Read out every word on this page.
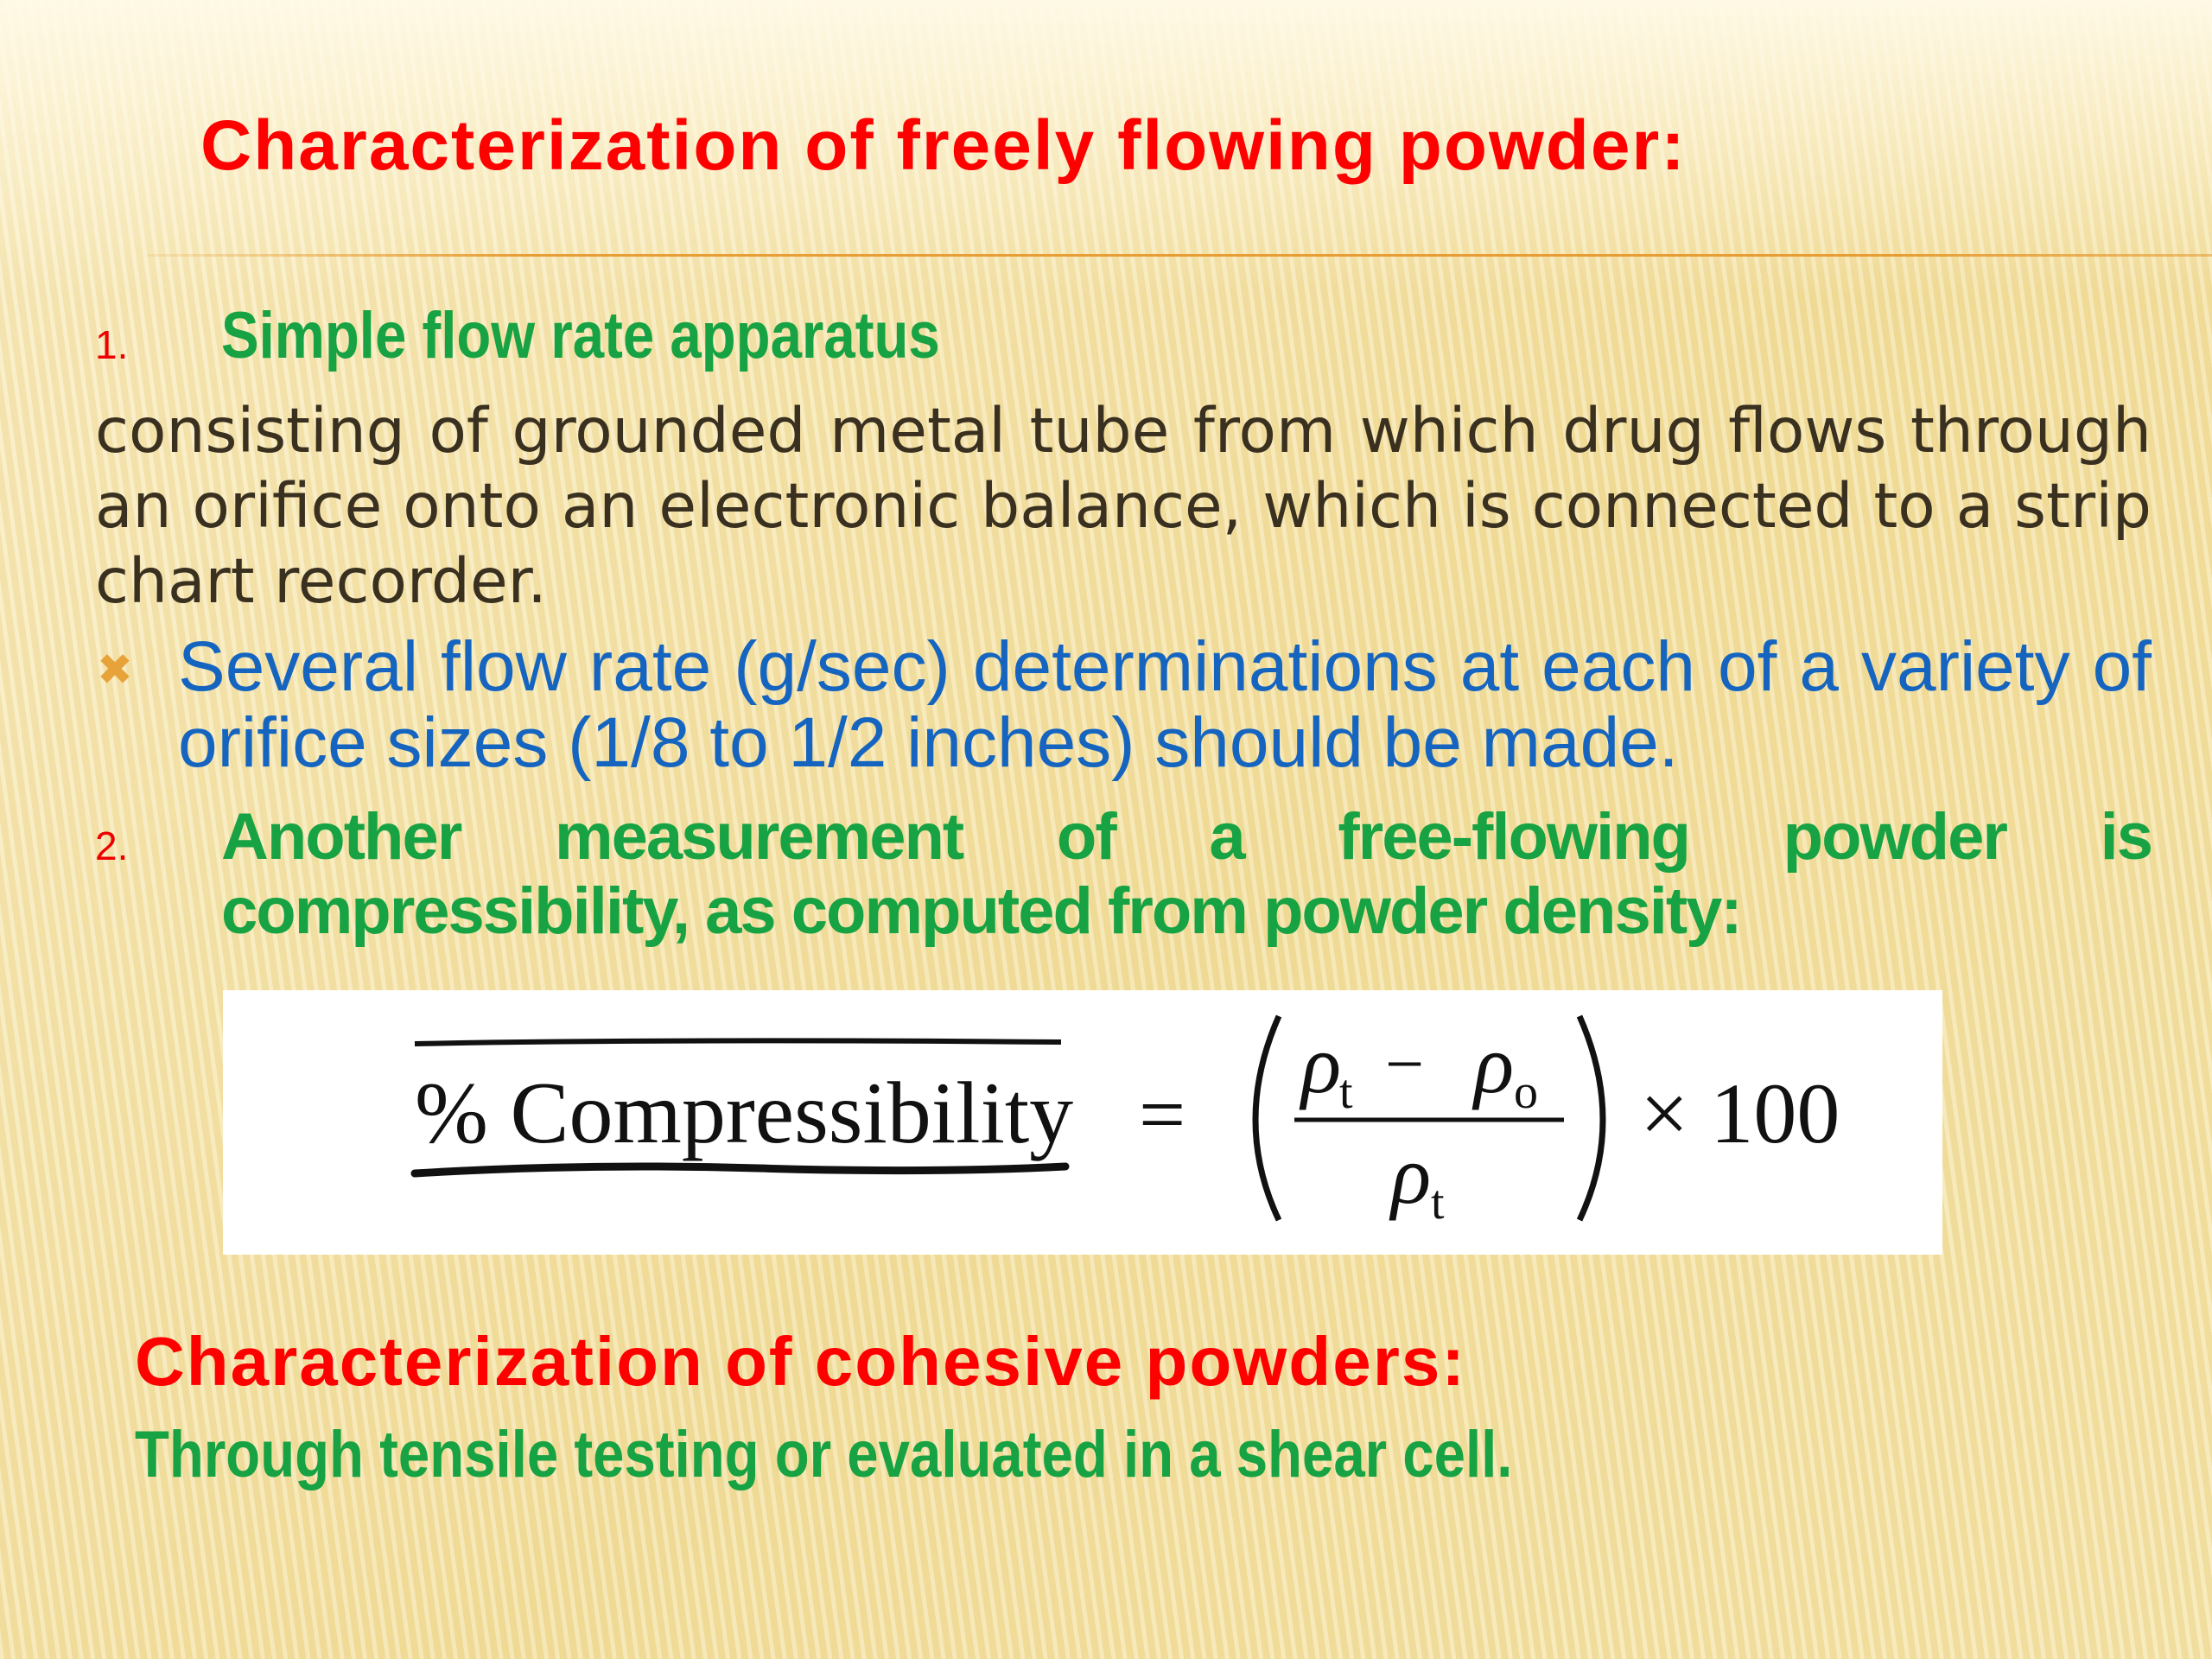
Characterization of freely flowing powder:
1. Simple flow rate apparatus

consisting of grounded metal tube from which drug flows through an orifice onto an electronic balance, which is connected to a strip chart recorder.

✖ Several flow rate (g/sec) determinations at each of a variety of orifice sizes (1/8 to 1/2 inches) should be made.

2. Another measurement of a free-flowing powder is
compressibility, as computed from powder density:

% Compressibility =
ρ
t − ρ o
ρ t
× 100
Characterization of cohesive powders:

Through tensile testing or evaluated in a shear cell.
